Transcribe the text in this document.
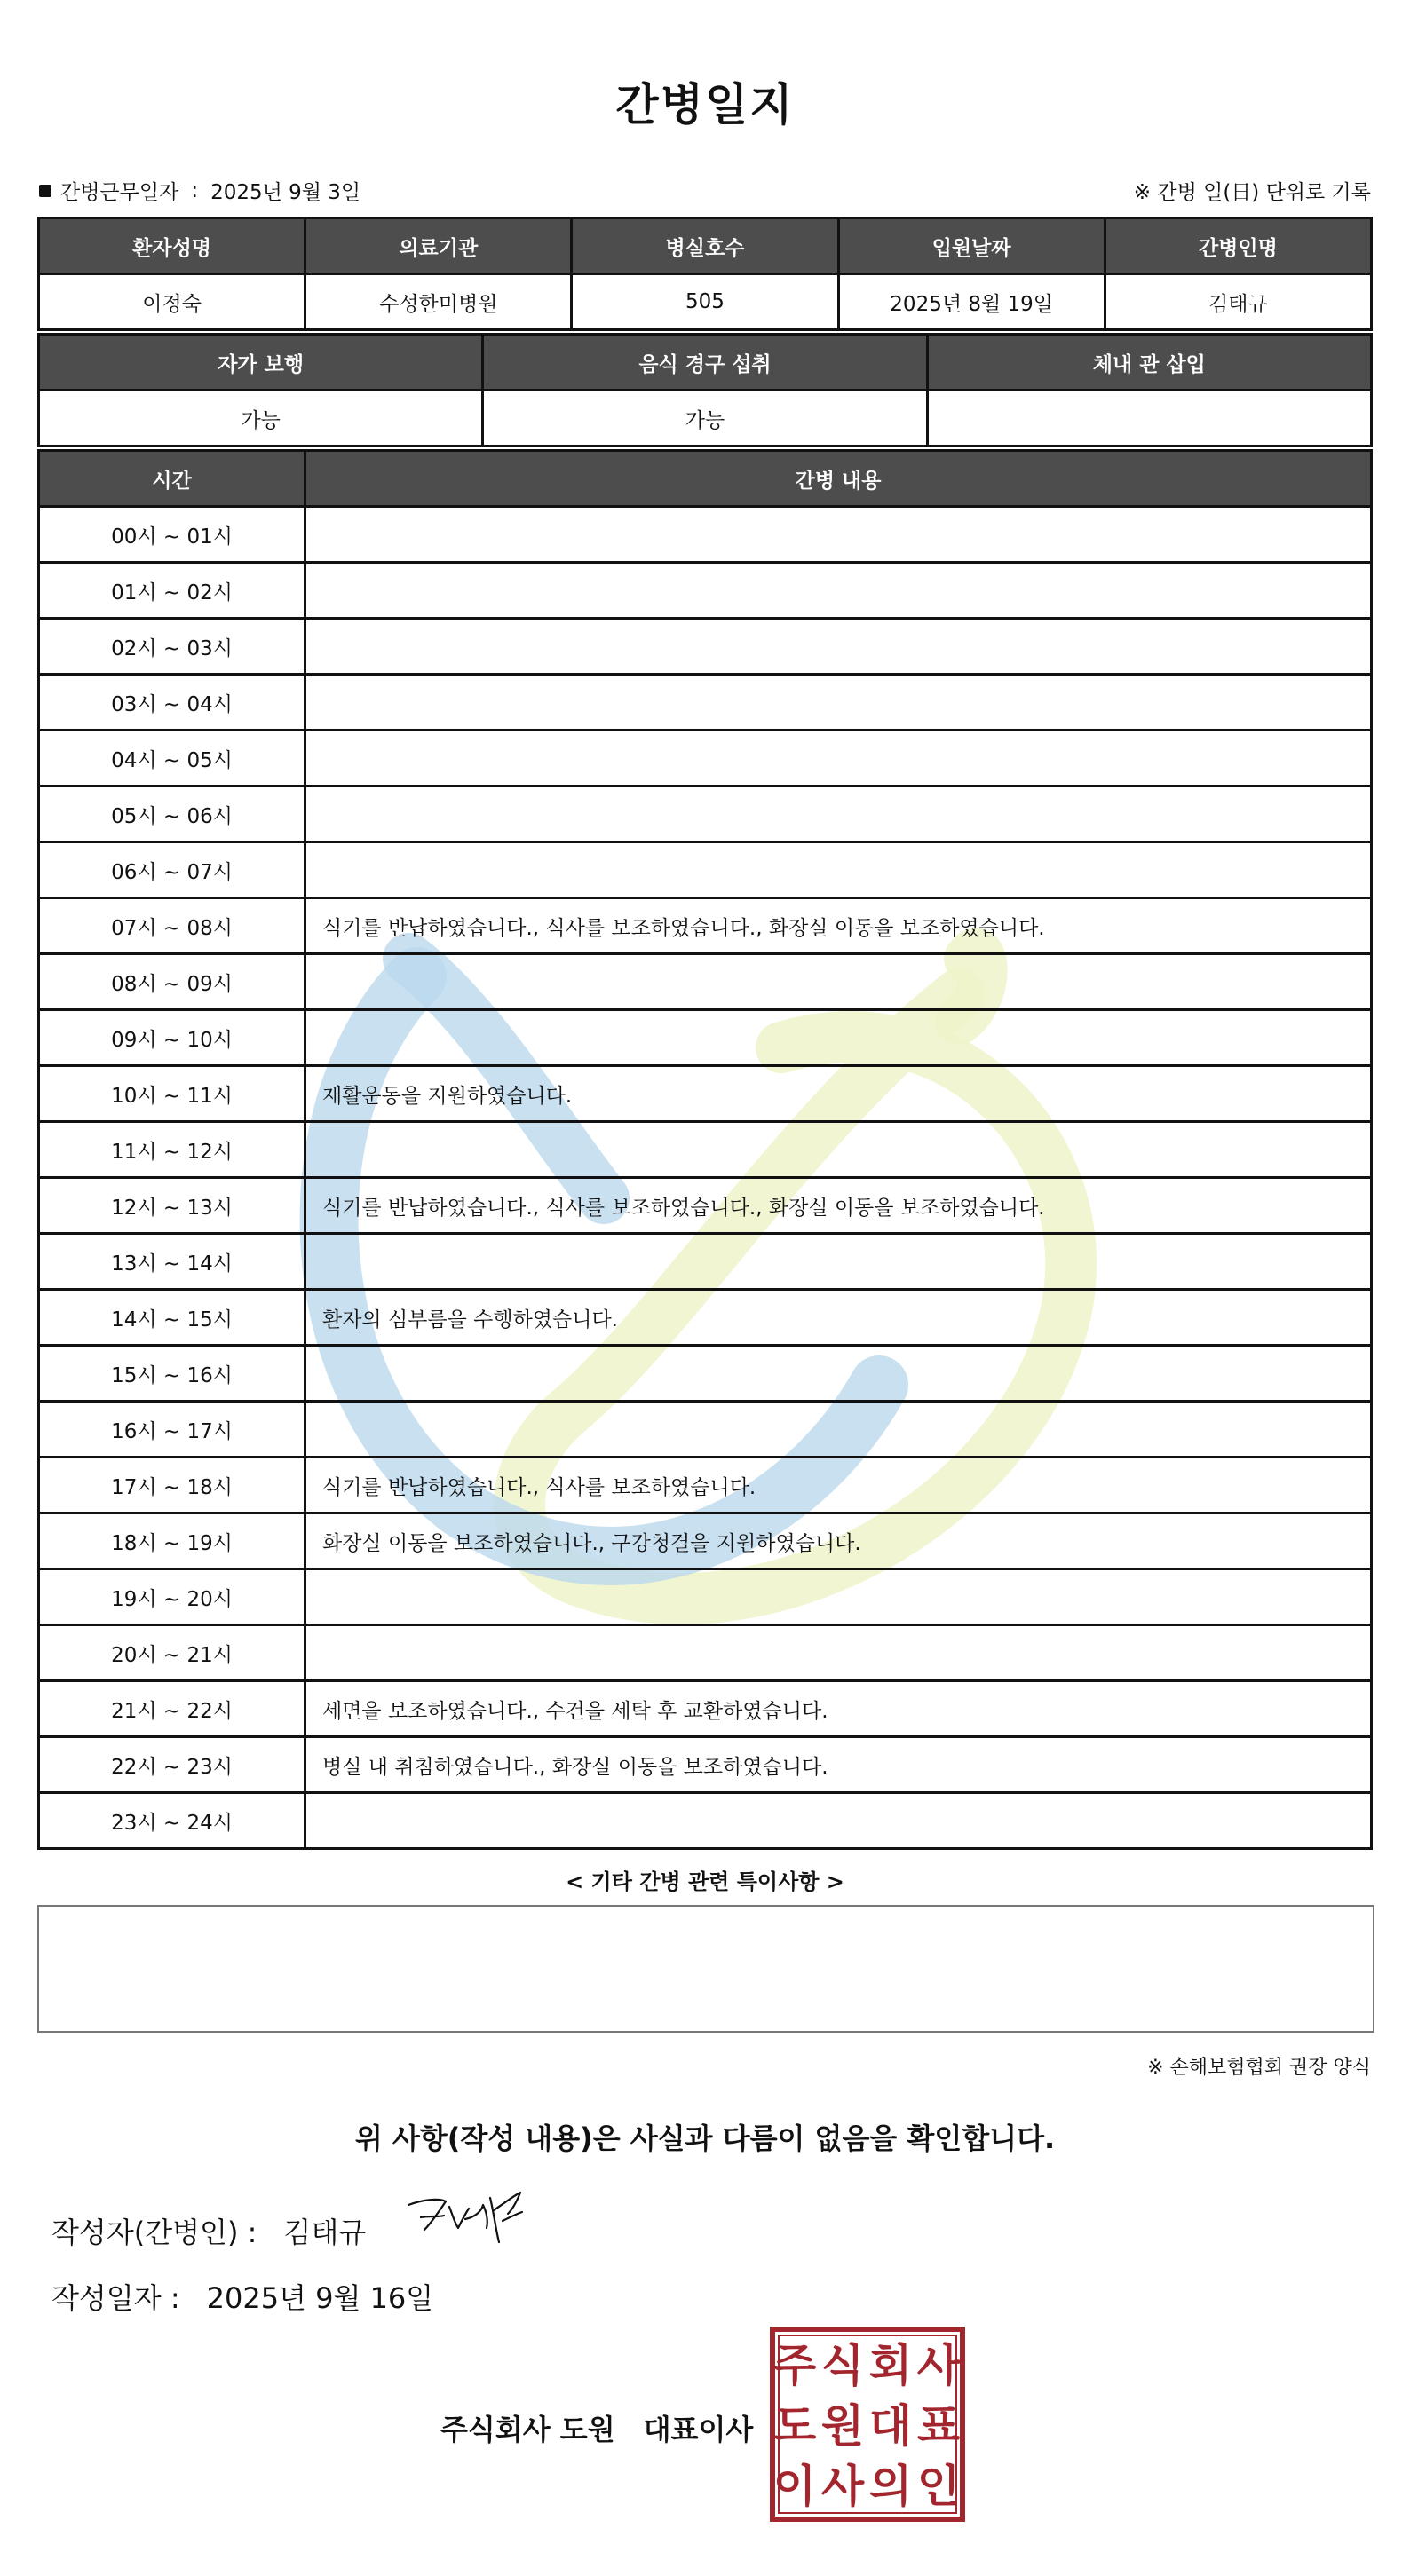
간병일지
간병근무일자 : 2025년 9월 3일	※ 간병 일(日) 단위로 기록
환자성명	의료기관	병실호수	입원날짜	간병인명
이정숙	수성한미병원	505	2025년 8월 19일	김태규
자가 보행	음식 경구 섭취	체내 관 삽입
가능	가능	
시간	간병 내용
00시 ~ 01시	
01시 ~ 02시	
02시 ~ 03시	
03시 ~ 04시	
04시 ~ 05시	
05시 ~ 06시	
06시 ~ 07시	
07시 ~ 08시	식기를 반납하였습니다., 식사를 보조하였습니다., 화장실 이동을 보조하였습니다.
08시 ~ 09시	
09시 ~ 10시	
10시 ~ 11시	재활운동을 지원하였습니다.
11시 ~ 12시	
12시 ~ 13시	식기를 반납하였습니다., 식사를 보조하였습니다., 화장실 이동을 보조하였습니다.
13시 ~ 14시	
14시 ~ 15시	환자의 심부름을 수행하였습니다.
15시 ~ 16시	
16시 ~ 17시	
17시 ~ 18시	식기를 반납하였습니다., 식사를 보조하였습니다.
18시 ~ 19시	화장실 이동을 보조하였습니다., 구강청결을 지원하였습니다.
19시 ~ 20시	
20시 ~ 21시	
21시 ~ 22시	세면을 보조하였습니다., 수건을 세탁 후 교환하였습니다.
22시 ~ 23시	병실 내 취침하였습니다., 화장실 이동을 보조하였습니다.
23시 ~ 24시	
< 기타 간병 관련 특이사항 >
※ 손해보험협회 권장 양식
위 사항(작성 내용)은 사실과 다름이 없음을 확인합니다.
작성자(간병인) : 김태규
작성일자 : 2025년 9월 16일
주식회사 도원 대표이사
주 식 회 사
도 원 대 표
이 사 의 인
